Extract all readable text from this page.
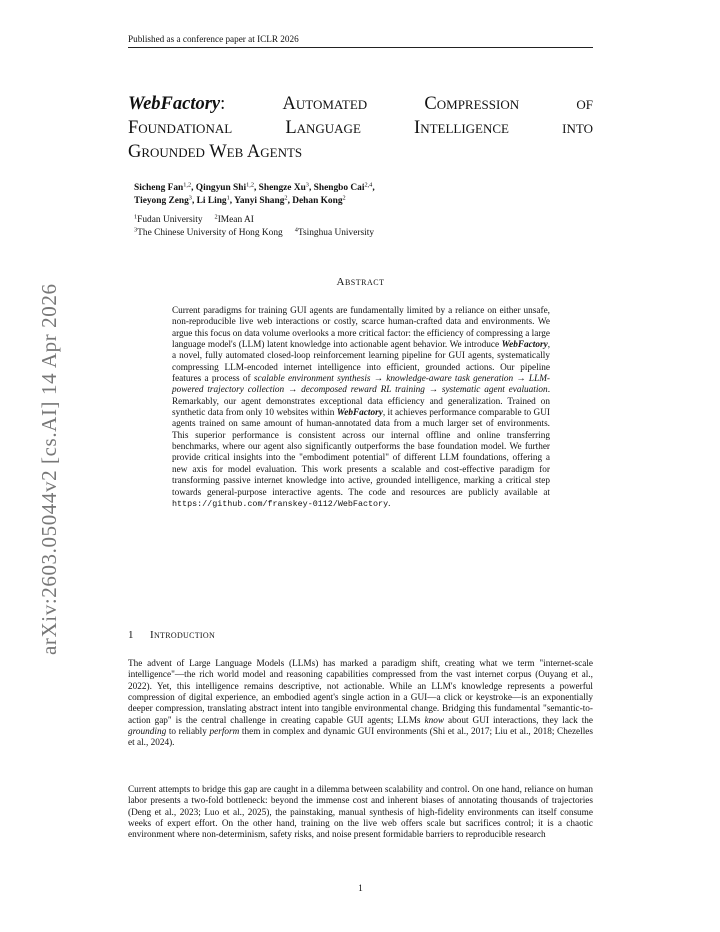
Published as a conference paper at ICLR 2026
arXiv:2603.05044v2 [cs.AI] 14 Apr 2026
WebFactory:	Automated	Compression	of
Foundational	Language	Intelligence	into
Grounded Web Agents
Sicheng Fan$^{1,2}$, Qingyun Shi$^{1,2}$, Shengze Xu$^3$, Shengbo Cai$^{2,4}$,
Tieyong Zeng$^3$, Li Ling$^1$, Yanyi Shang$^2$, Dehan Kong$^2$
$^1$Fudan University $^2$IMean AI
$^3$The Chinese University of Hong Kong $^4$Tsinghua University
Abstract
Current paradigms for training GUI agents are fundamentally limited by a reliance on either unsafe, non-reproducible live web interactions or costly, scarce human-crafted data and environments. We argue this focus on data volume overlooks a more critical factor: the efficiency of compressing a large language model's (LLM) latent knowledge into actionable agent behavior. We introduce WebFactory, a novel, fully automated closed-loop reinforcement learning pipeline for GUI agents, systematically compressing LLM-encoded internet intelligence into efficient, grounded actions. Our pipeline features a process of scalable environment synthesis → knowledge-aware task generation → LLM-powered trajectory collection → decomposed reward RL training → systematic agent evaluation. Remarkably, our agent demonstrates exceptional data efficiency and generalization. Trained on synthetic data from only 10 websites within WebFactory, it achieves performance comparable to GUI agents trained on same amount of human-annotated data from a much larger set of environments. This superior performance is consistent across our internal offline and online transferring benchmarks, where our agent also significantly outperforms the base foundation model. We further provide critical insights into the "embodiment potential" of different LLM foundations, offering a new axis for model evaluation. This work presents a scalable and cost-effective paradigm for transforming passive internet knowledge into active, grounded intelligence, marking a critical step towards general-purpose interactive agents. The code and resources are publicly available at https://github.com/franskey-0112/WebFactory.
1 Introduction
The advent of Large Language Models (LLMs) has marked a paradigm shift, creating what we term "internet-scale intelligence"—the rich world model and reasoning capabilities compressed from the vast internet corpus (Ouyang et al., 2022). Yet, this intelligence remains descriptive, not actionable. While an LLM's knowledge represents a powerful compression of digital experience, an embodied agent's single action in a GUI—a click or keystroke—is an exponentially deeper compression, translating abstract intent into tangible environmental change. Bridging this fundamental "semantic-to-action gap" is the central challenge in creating capable GUI agents; LLMs know about GUI interactions, they lack the grounding to reliably perform them in complex and dynamic GUI environments (Shi et al., 2017; Liu et al., 2018; Chezelles et al., 2024).
Current attempts to bridge this gap are caught in a dilemma between scalability and control. On one hand, reliance on human labor presents a two-fold bottleneck: beyond the immense cost and inherent biases of annotating thousands of trajectories (Deng et al., 2023; Luo et al., 2025), the painstaking, manual synthesis of high-fidelity environments can itself consume weeks of expert effort. On the other hand, training on the live web offers scale but sacrifices control; it is a chaotic environment where non-determinism, safety risks, and noise present formidable barriers to reproducible research
1
